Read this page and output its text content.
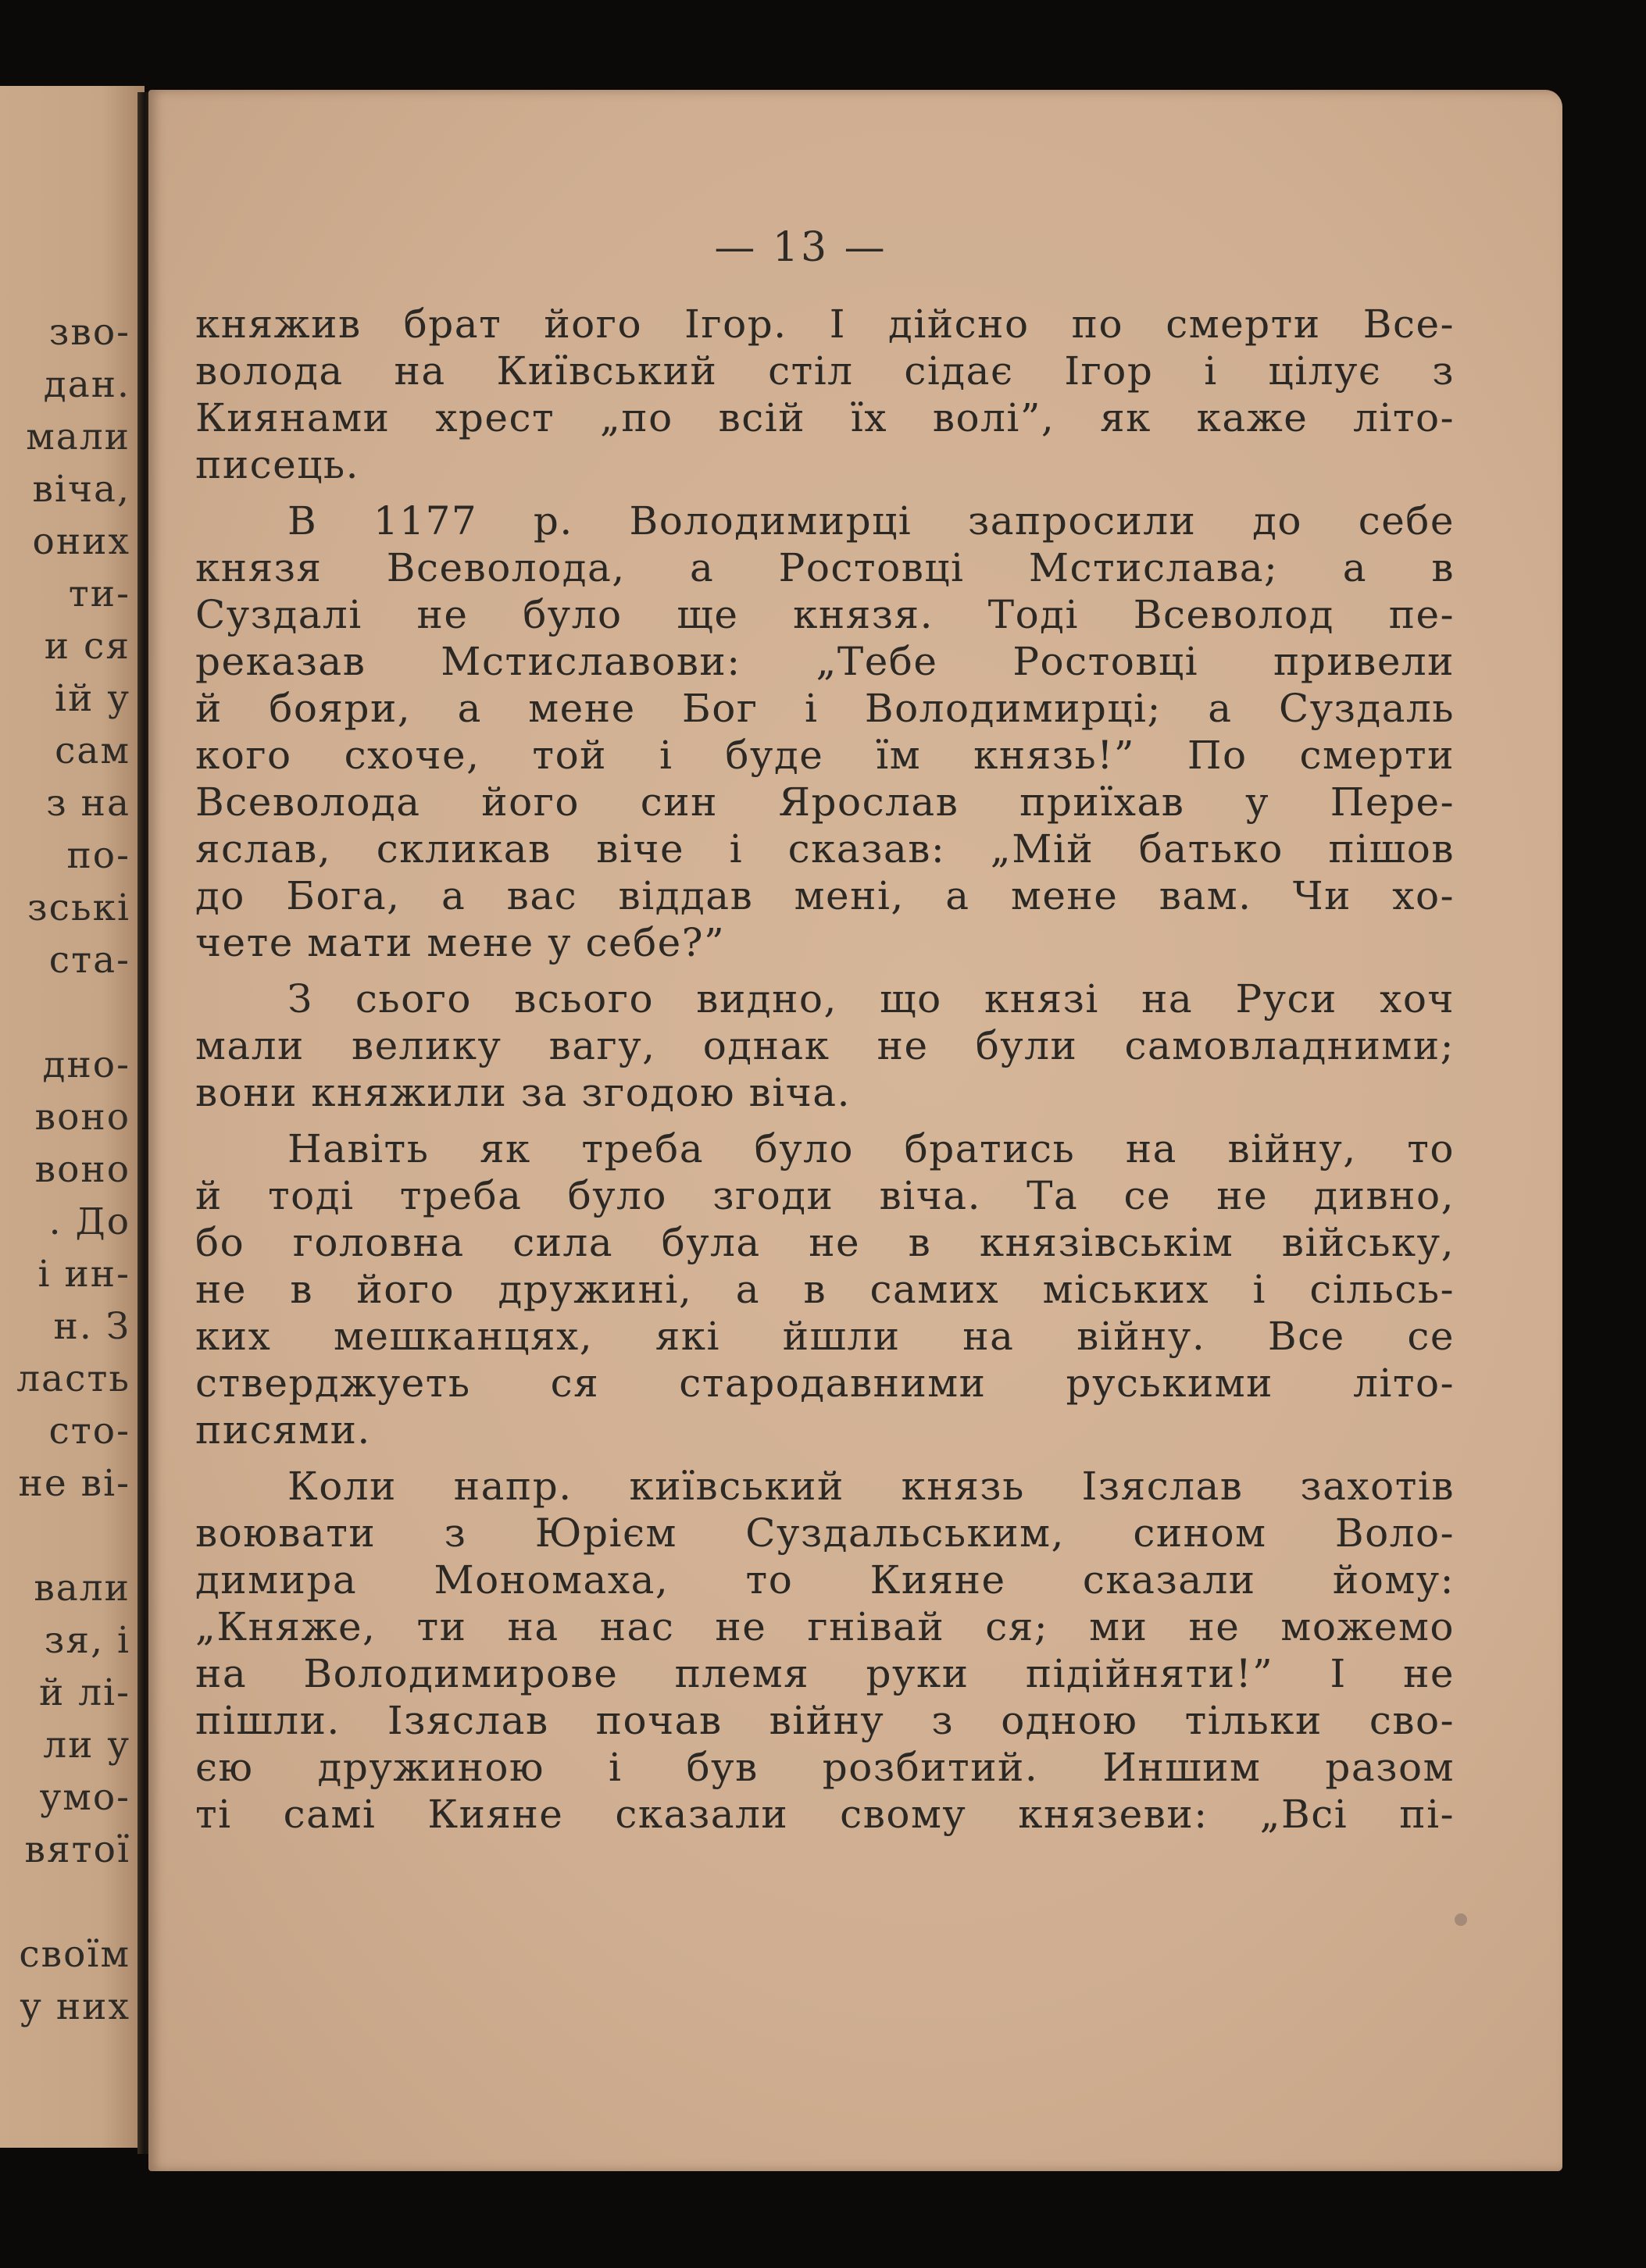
зво-
дан.
мали
віча,
оних
ти-
и ся
ій у
сам
з на
по-
зські
ста-
дно-
воно
воно
. До
і ин-
н. З
ласть
сто-
не ві-
вали
зя, і
й лі-
ли у
умо-
вятої
своїм
у них
— 13 —
княжив брат його Ігор. І дійсно по смерти Все-
волода на Київський стіл сідає Ігор і цілує з
Киянами хрест „по всій їх волі”, як каже літо-
писець.
В 1177 р. Володимирці запросили до себе
князя Всеволода, а Ростовці Мстислава; а в
Суздалі не було ще князя. Тоді Всеволод пе-
реказав Мстиславови: „Тебе Ростовці привели
й бояри, а мене Бог і Володимирці; а Суздаль
кого схоче, той і буде їм князь!” По смерти
Всеволода його син Ярослав приїхав у Пере-
яслав, скликав віче і сказав: „Мій батько пішов
до Бога, а вас віддав мені, а мене вам. Чи хо-
чете мати мене у себе?”
З сього всього видно, що князі на Руси хоч
мали велику вагу, однак не були самовладними;
вони княжили за згодою віча.
Навіть як треба було братись на війну, то
й тоді треба було згоди віча. Та се не дивно,
бо головна сила була не в князівськім війську,
не в його дружині, а в самих міських і сільсь-
ких мешканцях, які йшли на війну. Все се
стверджуеть ся стародавними руськими літо-
писями.
Коли напр. київський князь Ізяслав захотів
воювати з Юрієм Суздальським, сином Воло-
димира Мономаха, то Кияне сказали йому:
„Княже, ти на нас не гнівай ся; ми не можемо
на Володимирове племя руки підійняти!” І не
пішли. Ізяслав почав війну з одною тільки сво-
єю дружиною і був розбитий. Иншим разом
ті самі Кияне сказали свому князеви: „Всі пі-
